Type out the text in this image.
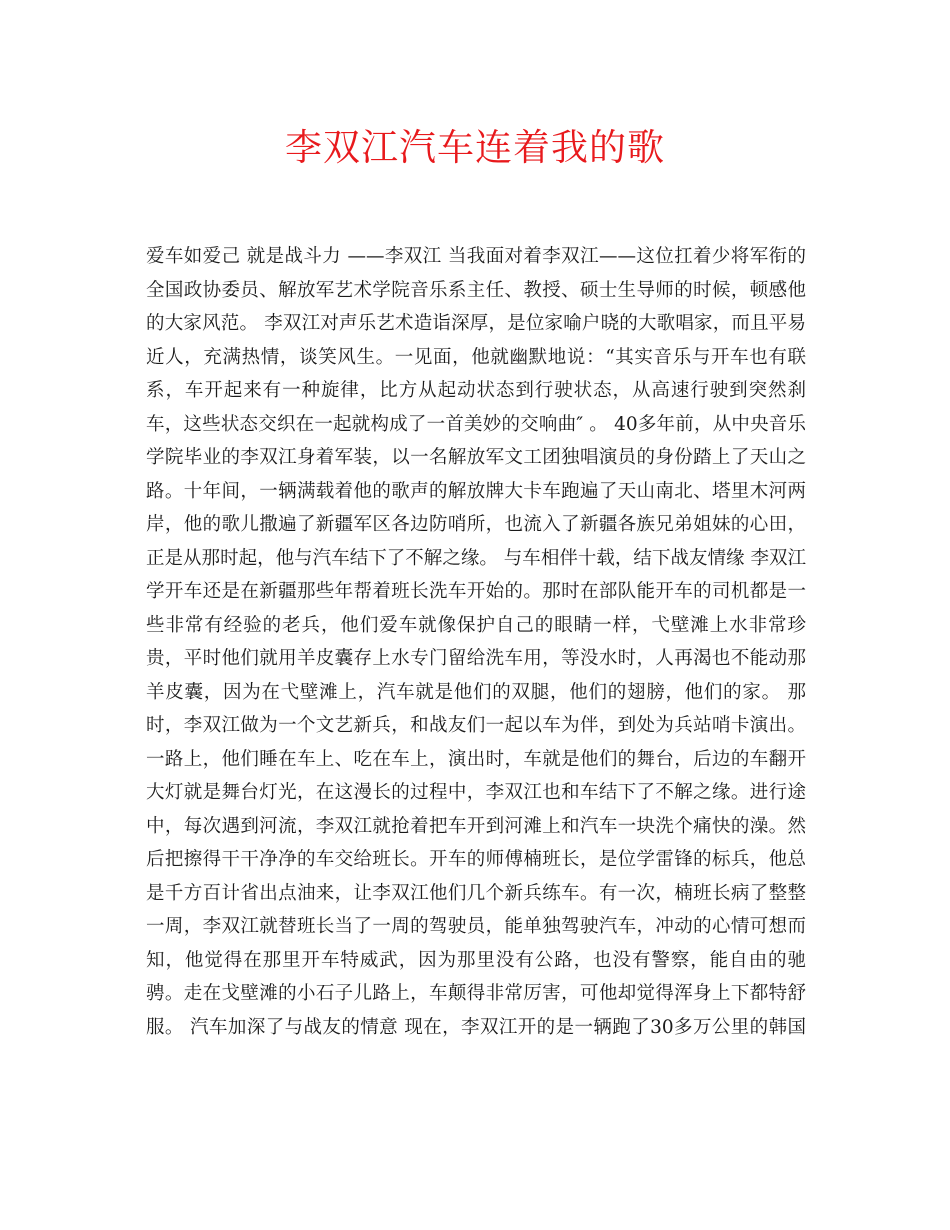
李双江汽车连着我的歌
爱车如爱己 就是战斗力 ——李双江 当我面对着李双江——这位扛着少将军衔的
全国政协委员、解放军艺术学院音乐系主任、教授、硕士生导师的时候，顿感他
的大家风范。 李双江对声乐艺术造诣深厚，是位家喻户晓的大歌唱家，而且平易
近人，充满热情，谈笑风生。一见面，他就幽默地说：“其实音乐与开车也有联
系，车开起来有一种旋律，比方从起动状态到行驶状态，从高速行驶到突然刹
车，这些状态交织在一起就构成了一首美妙的交响曲″ 。 40多年前，从中央音乐
学院毕业的李双江身着军装，以一名解放军文工团独唱演员的身份踏上了天山之
路。十年间，一辆满载着他的歌声的解放牌大卡车跑遍了天山南北、塔里木河两
岸，他的歌儿撒遍了新疆军区各边防哨所，也流入了新疆各族兄弟姐妹的心田，
正是从那时起，他与汽车结下了不解之缘。 与车相伴十载，结下战友情缘 李双江
学开车还是在新疆那些年帮着班长洗车开始的。那时在部队能开车的司机都是一
些非常有经验的老兵，他们爱车就像保护自己的眼睛一样，弋壁滩上水非常珍
贵，平时他们就用羊皮囊存上水专门留给洗车用，等没水时，人再渴也不能动那
羊皮囊，因为在弋壁滩上，汽车就是他们的双腿，他们的翅膀，他们的家。 那
时，李双江做为一个文艺新兵，和战友们一起以车为伴，到处为兵站哨卡演出。
一路上，他们睡在车上、吃在车上，演出时，车就是他们的舞台，后边的车翻开
大灯就是舞台灯光，在这漫长的过程中，李双江也和车结下了不解之缘。进行途
中，每次遇到河流，李双江就抢着把车开到河滩上和汽车一块洗个痛快的澡。然
后把擦得干干净净的车交给班长。开车的师傅楠班长，是位学雷锋的标兵，他总
是千方百计省出点油来，让李双江他们几个新兵练车。有一次，楠班长病了整整
一周，李双江就替班长当了一周的驾驶员，能单独驾驶汽车，冲动的心情可想而
知，他觉得在那里开车特威武，因为那里没有公路，也没有警察，能自由的驰
骋。走在戈壁滩的小石子儿路上，车颠得非常厉害，可他却觉得浑身上下都特舒
服。 汽车加深了与战友的情意 现在，李双江开的是一辆跑了30多万公里的韩国
